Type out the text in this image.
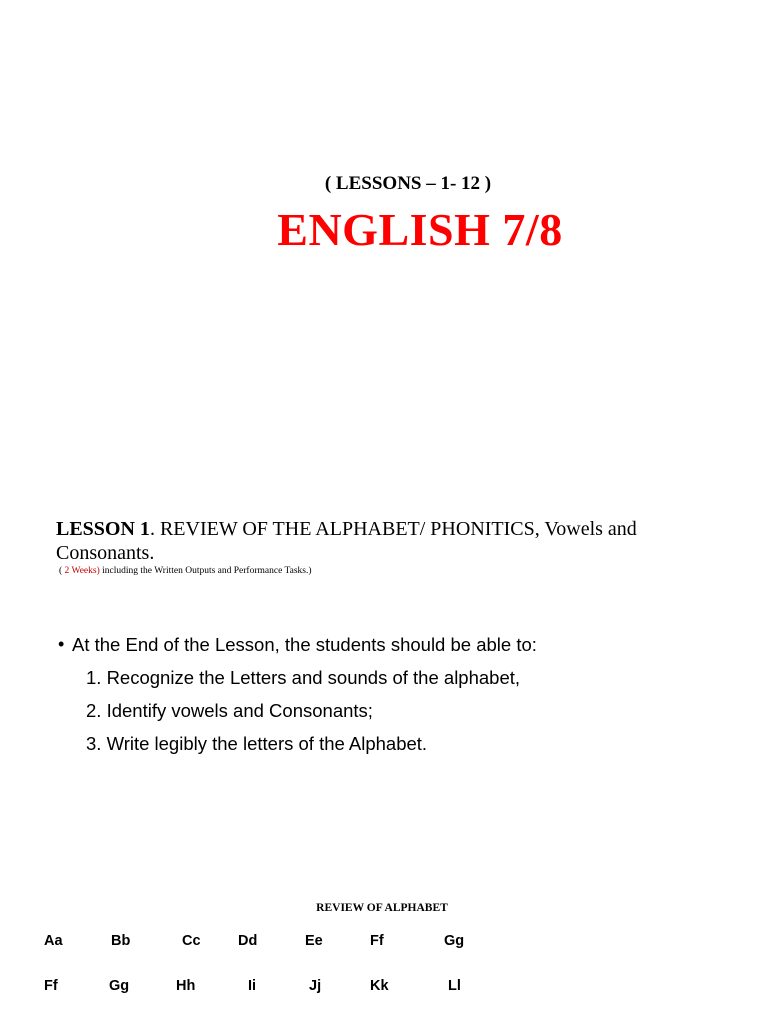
( LESSONS – 1- 12 )
ENGLISH 7/8
LESSON 1. REVIEW OF THE ALPHABET/ PHONITICS, Vowels and Consonants.
( 2 Weeks) including the Written Outputs and Performance Tasks.)
• At the End of the Lesson, the students should be able to:
1. Recognize the Letters and sounds of the alphabet,
2. Identify vowels and Consonants;
3. Write legibly the letters of the Alphabet.
REVIEW OF ALPHABET
Aa	Bb	Cc	Dd	Ee	Ff	Gg
Ff	Gg	Hh	Ii	Jj	Kk	Ll
